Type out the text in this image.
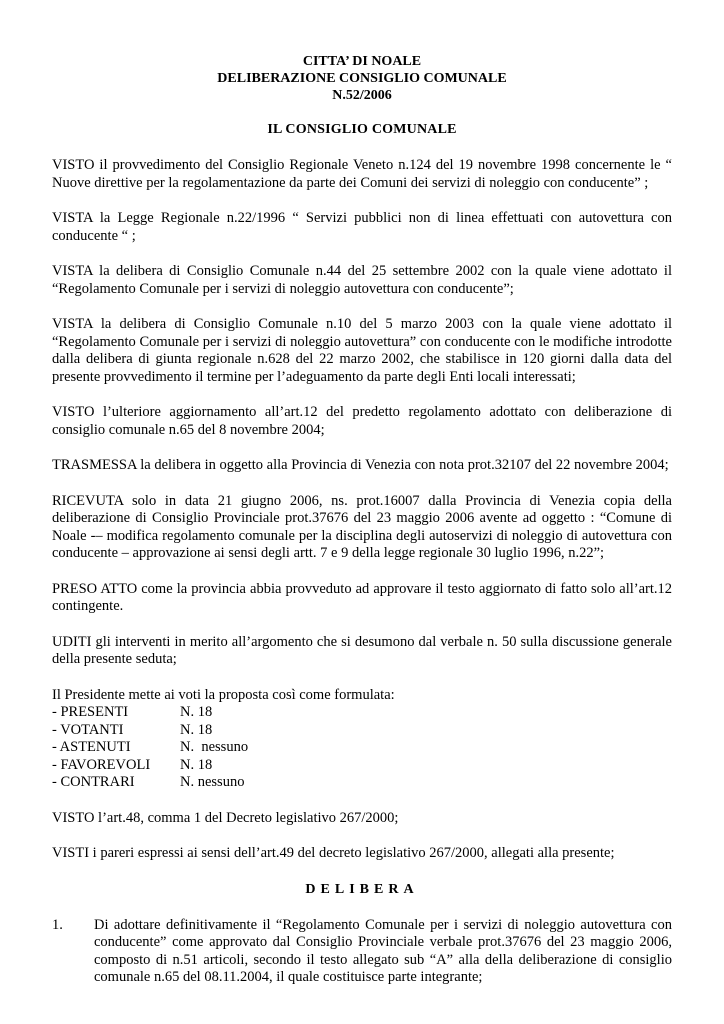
CITTA’ DI NOALE
DELIBERAZIONE CONSIGLIO COMUNALE
N.52/2006
IL CONSIGLIO COMUNALE
VISTO il provvedimento del Consiglio Regionale Veneto n.124 del 19 novembre 1998 concernente le “ Nuove direttive per la regolamentazione da parte dei Comuni dei servizi di noleggio con conducente” ;
VISTA la Legge Regionale n.22/1996 “ Servizi pubblici non di linea effettuati con autovettura con conducente “ ;
VISTA la delibera di Consiglio Comunale n.44 del 25 settembre 2002 con la quale viene adottato il “Regolamento Comunale per i servizi di noleggio autovettura con conducente”;
VISTA la delibera di Consiglio Comunale n.10 del 5 marzo 2003 con la quale viene adottato il “Regolamento Comunale per i servizi di noleggio autovettura” con conducente con le modifiche introdotte dalla delibera di giunta regionale n.628 del 22 marzo 2002, che stabilisce in 120 giorni dalla data del presente provvedimento il termine per l’adeguamento da parte degli Enti locali interessati;
VISTO l’ulteriore aggiornamento all’art.12 del predetto regolamento adottato con deliberazione di consiglio comunale n.65 del 8 novembre 2004;
TRASMESSA la delibera in oggetto alla Provincia di Venezia con nota prot.32107 del 22 novembre 2004;
RICEVUTA solo in data 21 giugno 2006, ns. prot.16007 dalla Provincia di Venezia copia della deliberazione di Consiglio Provinciale prot.37676 del 23 maggio 2006 avente ad oggetto : “Comune di Noale -– modifica regolamento comunale per la disciplina degli autoservizi di noleggio di autovettura con conducente – approvazione ai sensi degli artt. 7 e 9 della legge regionale 30 luglio 1996, n.22”;
PRESO ATTO come la provincia abbia provveduto ad approvare il testo aggiornato di fatto solo all’art.12 contingente.
UDITI gli interventi in merito all’argomento che si desumono dal verbale n. 50 sulla discussione generale della presente seduta;
Il Presidente mette ai voti la proposta così come formulata:
- PRESENTI	N. 18
- VOTANTI	N. 18
- ASTENUTI	N.  nessuno
- FAVOREVOLI	N. 18
- CONTRARI	N. nessuno
VISTO l’art.48, comma 1 del Decreto legislativo 267/2000;
VISTI i pareri espressi ai sensi dell’art.49 del decreto legislativo 267/2000, allegati alla presente;
DELIBERA
1.	Di adottare definitivamente il “Regolamento Comunale per i servizi di noleggio autovettura con conducente” come approvato dal Consiglio Provinciale verbale prot.37676 del 23 maggio 2006, composto di n.51 articoli, secondo il testo allegato sub “A” alla della deliberazione di consiglio comunale n.65 del 08.11.2004, il quale costituisce parte integrante;
